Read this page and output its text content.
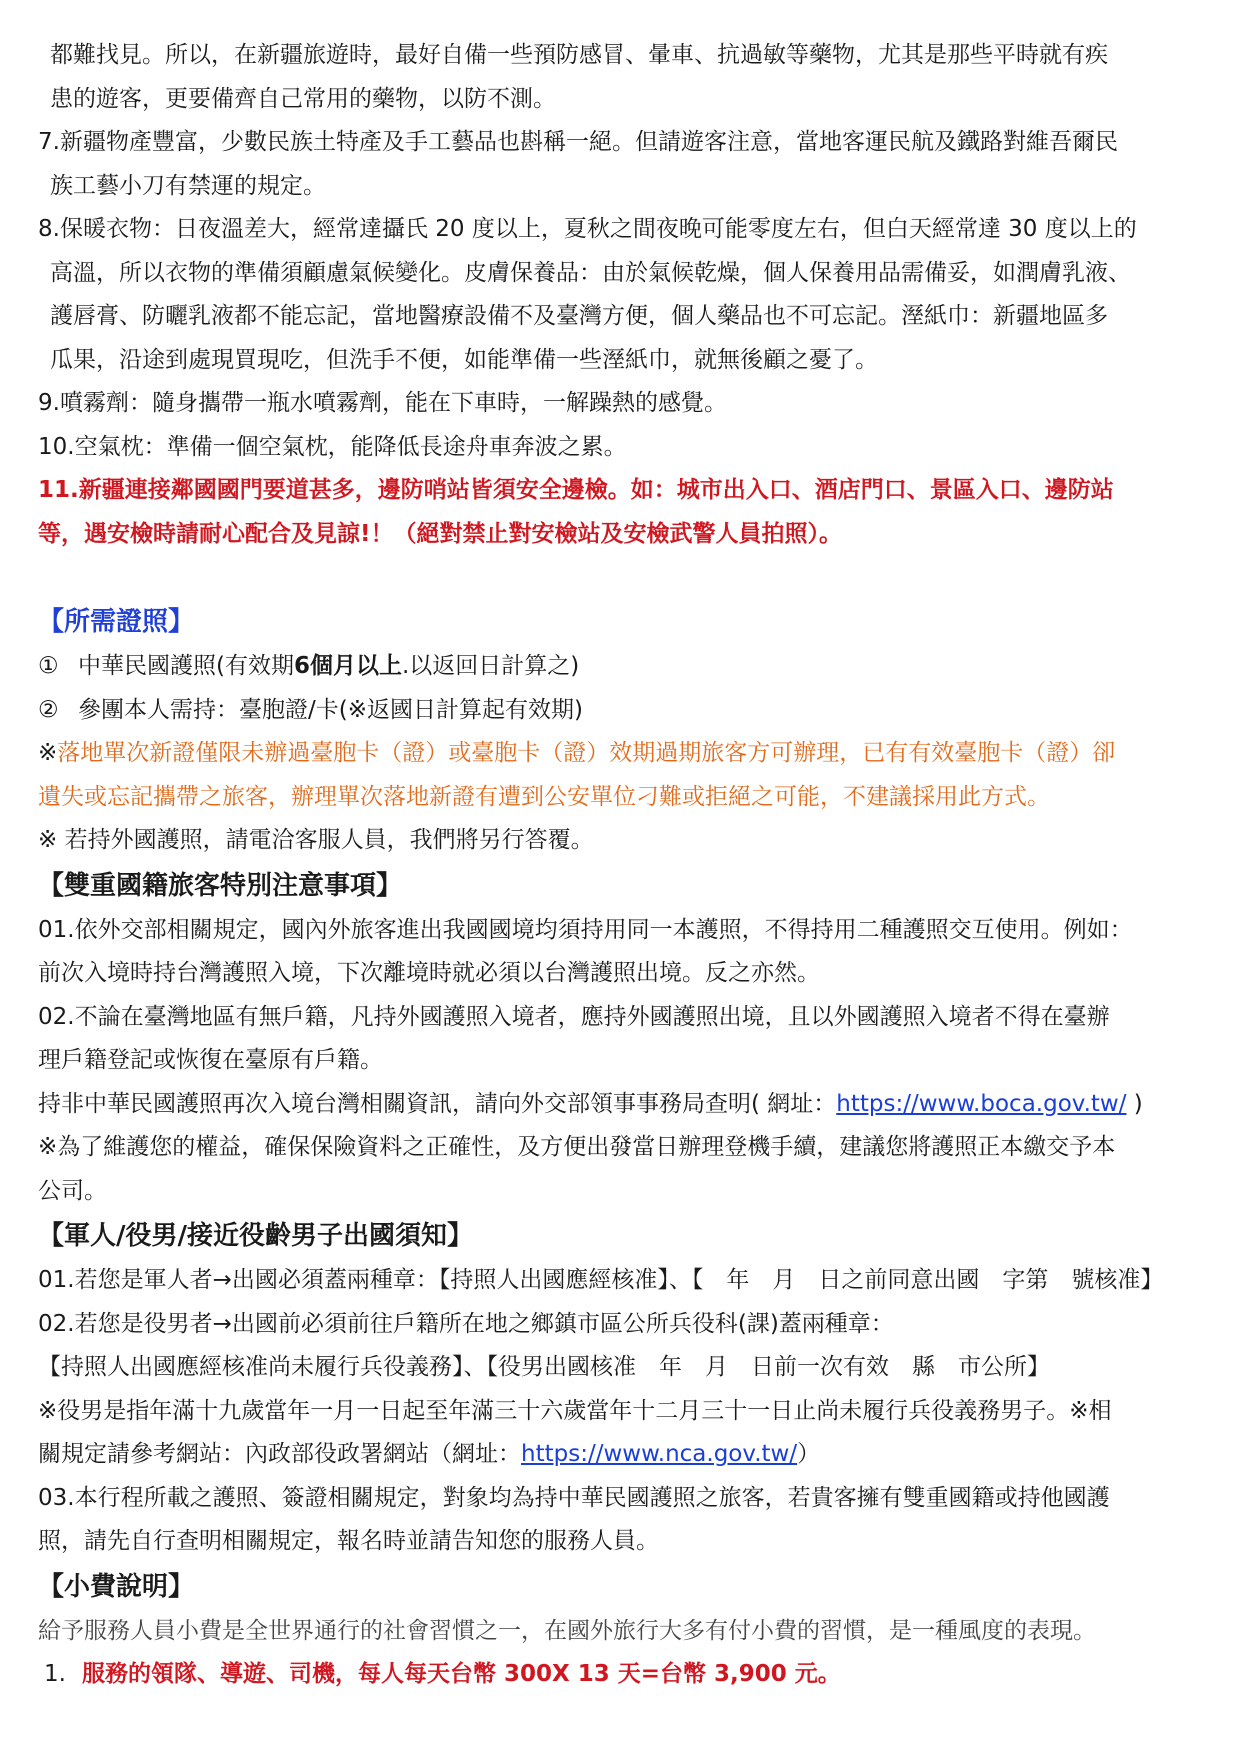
都難找見。所以，在新疆旅遊時，最好自備一些預防感冒、暈車、抗過敏等藥物，尤其是那些平時就有疾

患的遊客，更要備齊自己常用的藥物，以防不測。

7.新疆物產豐富，少數民族土特產及手工藝品也斟稱一絕。但請遊客注意，當地客運民航及鐵路對維吾爾民

族工藝小刀有禁運的規定。

8.保暖衣物：日夜溫差大，經常達攝氏 20 度以上，夏秋之間夜晚可能零度左右，但白天經常達 30 度以上的

高溫，所以衣物的準備須顧慮氣候變化。皮膚保養品：由於氣候乾燥，個人保養用品需備妥，如潤膚乳液、

護唇膏、防曬乳液都不能忘記，當地醫療設備不及臺灣方便，個人藥品也不可忘記。溼紙巾：新疆地區多

瓜果，沿途到處現買現吃，但洗手不便，如能準備一些溼紙巾，就無後顧之憂了。

9.噴霧劑：隨身攜帶一瓶水噴霧劑，能在下車時，一解躁熱的感覺。

10.空氣枕：準備一個空氣枕，能降低長途舟車奔波之累。

11.新疆連接鄰國國門要道甚多，邊防哨站皆須安全邊檢。如：城市出入口、酒店門口、景區入口、邊防站

等，遇安檢時請耐心配合及見諒!！（絕對禁止對安檢站及安檢武警人員拍照）。

【所需證照】

① 中華民國護照(有效期6個月以上.以返回日計算之)

② 參團本人需持：臺胞證/卡(※返國日計算起有效期)

※落地單次新證僅限未辦過臺胞卡（證）或臺胞卡（證）效期過期旅客方可辦理，已有有效臺胞卡（證）卻

遺失或忘記攜帶之旅客，辦理單次落地新證有遭到公安單位刁難或拒絕之可能，不建議採用此方式。

※ 若持外國護照，請電洽客服人員，我們將另行答覆。

【雙重國籍旅客特別注意事項】

01.依外交部相關規定，國內外旅客進出我國國境均須持用同一本護照，不得持用二種護照交互使用。例如：

前次入境時持台灣護照入境，下次離境時就必須以台灣護照出境。反之亦然。

02.不論在臺灣地區有無戶籍，凡持外國護照入境者，應持外國護照出境，且以外國護照入境者不得在臺辦

理戶籍登記或恢復在臺原有戶籍。

持非中華民國護照再次入境台灣相關資訊，請向外交部領事事務局查明( 網址：https://www.boca.gov.tw/ )

※為了維護您的權益，確保保險資料之正確性，及方便出發當日辦理登機手續，建議您將護照正本繳交予本

公司。

【軍人/役男/接近役齡男子出國須知】

01.若您是軍人者→出國必須蓋兩種章：【持照人出國應經核准】、【　年　月　日之前同意出國　字第　號核准】

02.若您是役男者→出國前必須前往戶籍所在地之鄉鎮市區公所兵役科(課)蓋兩種章：

【持照人出國應經核准尚未履行兵役義務】、【役男出國核准　年　月　日前一次有效　縣　市公所】

※役男是指年滿十九歲當年一月一日起至年滿三十六歲當年十二月三十一日止尚未履行兵役義務男子。※相

關規定請參考網站：內政部役政署網站（網址：https://www.nca.gov.tw/）

03.本行程所載之護照、簽證相關規定，對象均為持中華民國護照之旅客，若貴客擁有雙重國籍或持他國護

照，請先自行查明相關規定，報名時並請告知您的服務人員。

【小費說明】

給予服務人員小費是全世界通行的社會習慣之一，在國外旅行大多有付小費的習慣，是一種風度的表現。

1. 服務的領隊、導遊、司機，每人每天台幣 300X 13 天=台幣 3,900 元。
